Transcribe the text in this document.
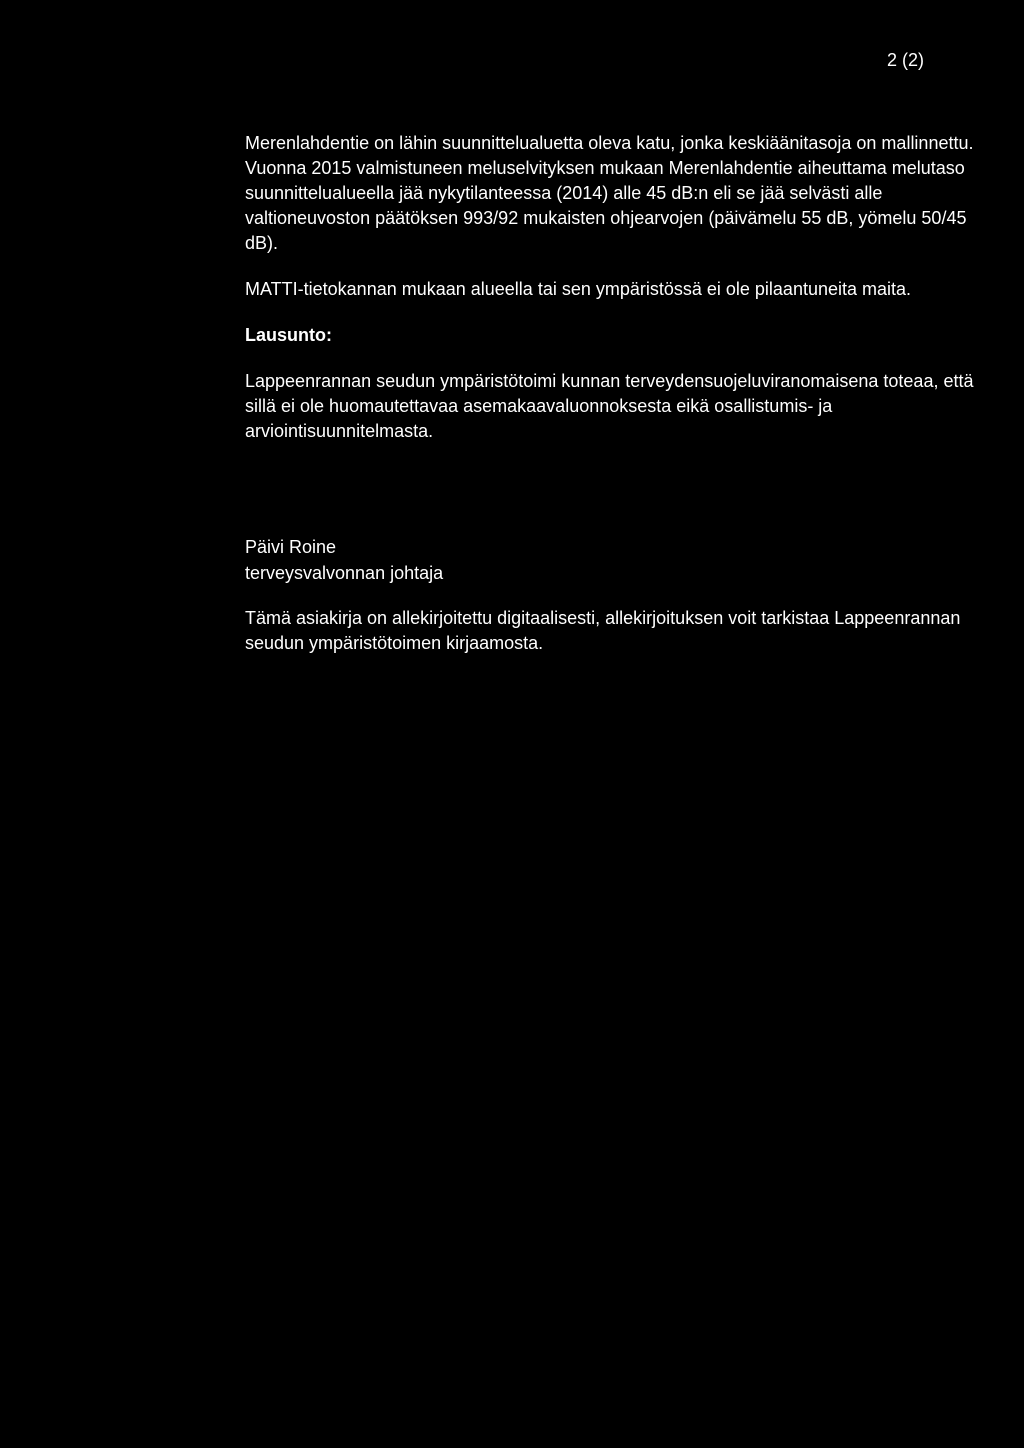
2 (2)

Merenlahdentie on lähin suunnittelualuetta oleva katu, jonka keskiäänitasoja on mallinnettu. Vuonna 2015 valmistuneen meluselvityksen mukaan Merenlahdentie aiheuttama melutaso suunnittelualueella jää nykytilanteessa (2014) alle 45 dB:n eli se jää selvästi alle valtioneuvoston päätöksen 993/92 mukaisten ohjearvojen (päivämelu 55 dB, yömelu 50/45 dB).

MATTI-tietokannan mukaan alueella tai sen ympäristössä ei ole pilaantuneita maita.

Lausunto:

Lappeenrannan seudun ympäristötoimi kunnan terveydensuojeluviranomaisena toteaa, että sillä ei ole huomautettavaa asemakaavaluonnoksesta eikä osallistumis- ja arviointisuunnitelmasta.

Päivi Roine

terveysvalvonnan johtaja

Tämä asiakirja on allekirjoitettu digitaalisesti, allekirjoituksen voit tarkistaa Lappeenrannan seudun ympäristötoimen kirjaamosta.
